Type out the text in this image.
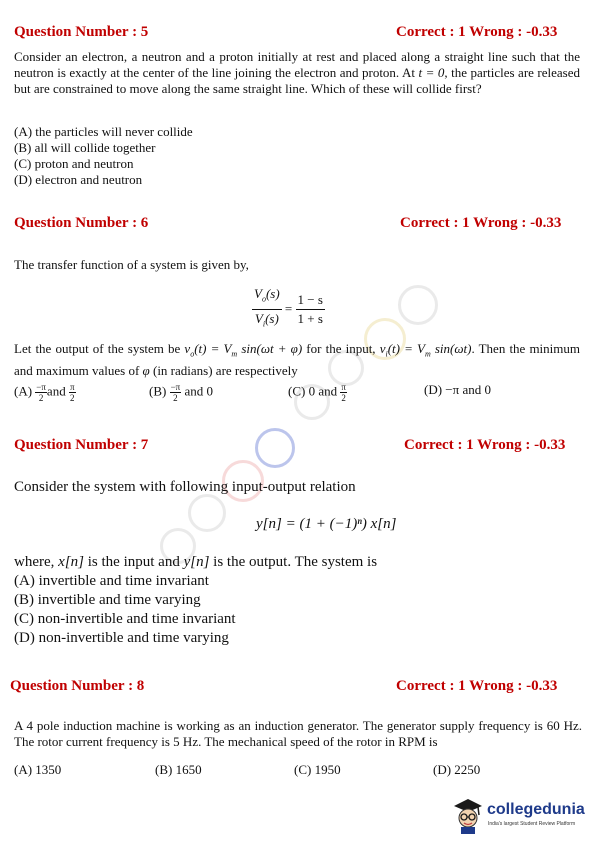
Question Number : 5	Correct : 1 Wrong : -0.33
Consider an electron, a neutron and a proton initially at rest and placed along a straight line such that the neutron is exactly at the center of the line joining the electron and proton. At t = 0, the particles are released but are constrained to move along the same straight line. Which of these will collide first?
(A) the particles will never collide
(B) all will collide together
(C) proton and neutron
(D) electron and neutron
Question Number : 6	Correct : 1 Wrong : -0.33
The transfer function of a system is given by,
$\frac{V_o(s)}{V_i(s)} = \frac{1 - s}{1 + s}$
Let the output of the system be $v_o(t) = V_m$ sin(ωt + φ) for the input, $v_i(t) = V_m$ sin(ωt). Then the minimum and maximum values of φ (in radians) are respectively
$(A) \frac{-\pi}{2}$ and $\frac{\pi}{2}$	$(B) \frac{-\pi}{2}$ and 0	(C) 0 and $\frac{\pi}{2}$	(D) −π and 0
Question Number : 7	Correct : 1 Wrong : -0.33
Consider the system with following input-output relation
y[n] = (1 + (−1)ⁿ) x[n]
where, x[n] is the input and y[n] is the output. The system is
(A) invertible and time invariant
(B) invertible and time varying
(C) non-invertible and time invariant
(D) non-invertible and time varying
Question Number : 8	Correct : 1 Wrong : -0.33
A 4 pole induction machine is working as an induction generator. The generator supply frequency is 60 Hz. The rotor current frequency is 5 Hz. The mechanical speed of the rotor in RPM is
(A) 1350	(B) 1650	(C) 1950	(D) 2250
collegedunia
India's largest Student Review Platform
